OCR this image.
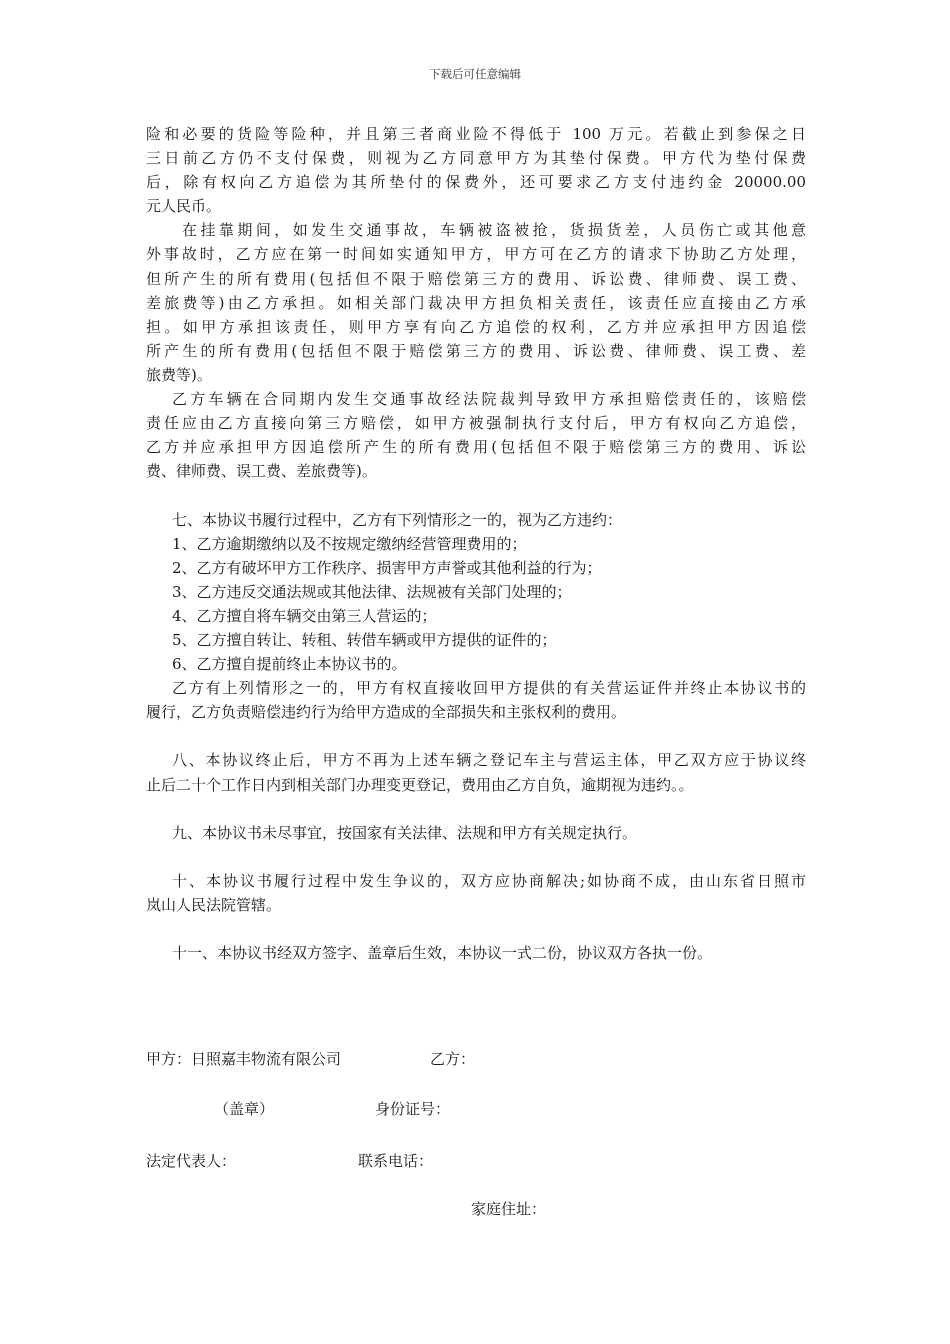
下载后可任意编辑
险和必要的货险等险种，并且第三者商业险不得低于 100 万元。若截止到参保之日
三日前乙方仍不支付保费，则视为乙方同意甲方为其垫付保费。甲方代为垫付保费
后，除有权向乙方追偿为其所垫付的保费外，还可要求乙方支付违约金 20000.00
元人民币。
在挂靠期间，如发生交通事故，车辆被盗被抢，货损货差，人员伤亡或其他意
外事故时，乙方应在第一时间如实通知甲方，甲方可在乙方的请求下协助乙方处理，
但所产生的所有费用(包括但不限于赔偿第三方的费用、诉讼费、律师费、误工费、
差旅费等)由乙方承担。如相关部门裁决甲方担负相关责任，该责任应直接由乙方承
担。如甲方承担该责任，则甲方享有向乙方追偿的权利，乙方并应承担甲方因追偿
所产生的所有费用(包括但不限于赔偿第三方的费用、诉讼费、律师费、误工费、差
旅费等)。
乙方车辆在合同期内发生交通事故经法院裁判导致甲方承担赔偿责任的，该赔偿
责任应由乙方直接向第三方赔偿，如甲方被强制执行支付后，甲方有权向乙方追偿，
乙方并应承担甲方因追偿所产生的所有费用(包括但不限于赔偿第三方的费用、诉讼
费、律师费、误工费、差旅费等)。
七、本协议书履行过程中，乙方有下列情形之一的，视为乙方违约：
1、乙方逾期缴纳以及不按规定缴纳经营管理费用的；
2、乙方有破坏甲方工作秩序、损害甲方声誉或其他利益的行为；
3、乙方违反交通法规或其他法律、法规被有关部门处理的；
4、乙方擅自将车辆交由第三人营运的；
5、乙方擅自转让、转租、转借车辆或甲方提供的证件的；
6、乙方擅自提前终止本协议书的。
乙方有上列情形之一的，甲方有权直接收回甲方提供的有关营运证件并终止本协议书的
履行，乙方负责赔偿违约行为给甲方造成的全部损失和主张权利的费用。
八、本协议终止后，甲方不再为上述车辆之登记车主与营运主体，甲乙双方应于协议终
止后二十个工作日内到相关部门办理变更登记，费用由乙方自负，逾期视为违约。。
九、本协议书未尽事宜，按国家有关法律、法规和甲方有关规定执行。
十、本协议书履行过程中发生争议的，双方应协商解决;如协商不成，由山东省日照市
岚山人民法院管辖。
十一、本协议书经双方签字、盖章后生效，本协议一式二份，协议双方各执一份。
甲方：日照嘉丰物流有限公司	乙方：
（盖章）	身份证号：
法定代表人：	联系电话：
家庭住址：
